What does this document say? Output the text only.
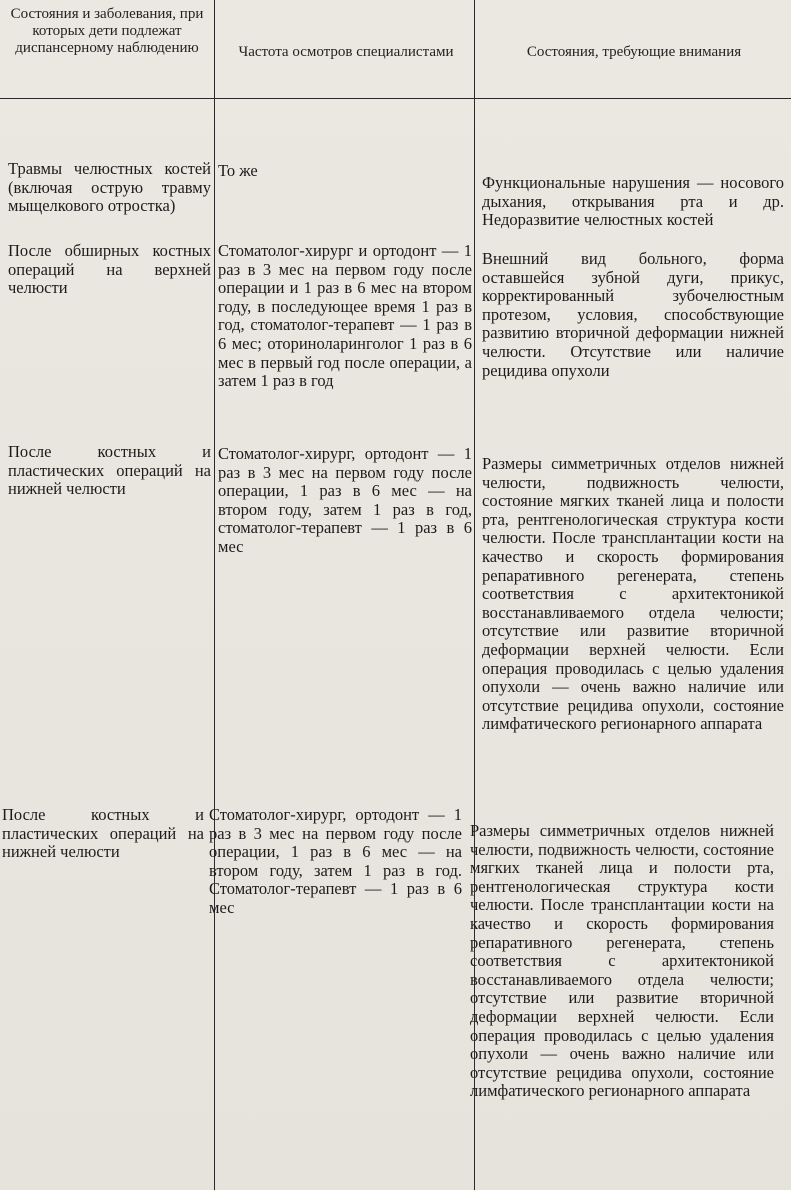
Состояния и заболевания, при которых дети подлежат диспансерному наблюдению	Частота осмотров специалистами	Состояния, требующие внимания

Травмы челюстных костей (включая острую травму мыщелкового отростка)

То же

Функциональные нарушения — носового дыхания, открывания рта и др. Недоразвитие челюстных костей

После обширных костных операций на верхней челюсти

Стоматолог-хирург и ортодонт — 1 раз в 3 мес на первом году после операции и 1 раз в 6 мес на втором году, в последующее время 1 раз в год, стоматолог-терапевт — 1 раз в 6 мес; оториноларинголог 1 раз в 6 мес в первый год после операции, а затем 1 раз в год

Внешний вид больного, форма оставшейся зубной дуги, прикус, корректированный зубочелюстным протезом, условия, способствующие развитию вторичной деформации нижней челюсти. Отсутствие или наличие рецидива опухоли

После костных и пластических операций на нижней челюсти

Стоматолог-хирург, ортодонт — 1 раз в 3 мес на первом году после операции, 1 раз в 6 мес — на втором году, затем 1 раз в год, стоматолог-терапевт — 1 раз в 6 мес

Размеры симметричных отделов нижней челюсти, подвижность челюсти, состояние мягких тканей лица и полости рта, рентгенологическая структура кости челюсти. После трансплантации кости на качество и скорость формирования репаративного регенерата, степень соответствия с архитектоникой восстанавливаемого отдела челюсти; отсутствие или развитие вторичной деформации верхней челюсти. Если операция проводилась с целью удаления опухоли — очень важно наличие или отсутствие рецидива опухоли, состояние лимфатического регионарного аппарата

После костных и пластических операций на нижней челюсти

Стоматолог-хирург, ортодонт — 1 раз в 3 мес на первом году после операции, 1 раз в 6 мес — на втором году, затем 1 раз в год. Стоматолог-терапевт — 1 раз в 6 мес

Размеры симметричных отделов нижней челюсти, подвижность челюсти, состояние мягких тканей лица и полости рта, рентгенологическая структура кости челюсти. После трансплантации кости на качество и скорость формирования репаративного регенерата, степень соответствия с архитектоникой восстанавливаемого отдела челюсти; отсутствие или развитие вторичной деформации верхней челюсти. Если операция проводилась с целью удаления опухоли — очень важно наличие или отсутствие рецидива опухоли, состояние лимфатического регионарного аппарата
